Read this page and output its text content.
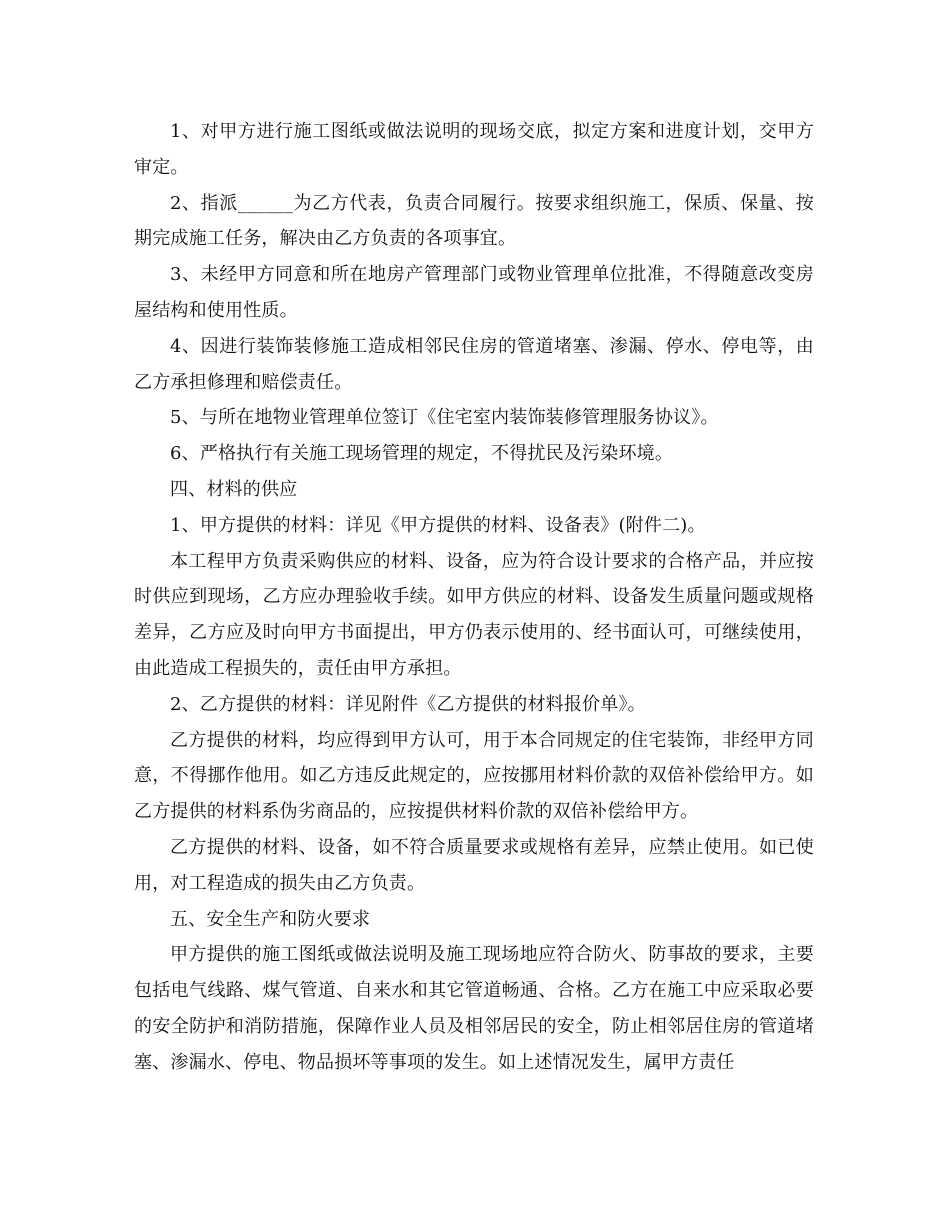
1、对甲方进行施工图纸或做法说明的现场交底，拟定方案和进度计划，交甲方审定。

2、指派______为乙方代表，负责合同履行。按要求组织施工，保质、保量、按期完成施工任务，解决由乙方负责的各项事宜。

3、未经甲方同意和所在地房产管理部门或物业管理单位批准，不得随意改变房屋结构和使用性质。

4、因进行装饰装修施工造成相邻民住房的管道堵塞、渗漏、停水、停电等，由乙方承担修理和赔偿责任。

5、与所在地物业管理单位签订《住宅室内装饰装修管理服务协议》。

6、严格执行有关施工现场管理的规定，不得扰民及污染环境。

四、材料的供应

1、甲方提供的材料：详见《甲方提供的材料、设备表》(附件二)。

本工程甲方负责采购供应的材料、设备，应为符合设计要求的合格产品，并应按时供应到现场，乙方应办理验收手续。如甲方供应的材料、设备发生质量问题或规格差异，乙方应及时向甲方书面提出，甲方仍表示使用的、经书面认可，可继续使用，由此造成工程损失的，责任由甲方承担。

2、乙方提供的材料：详见附件《乙方提供的材料报价单》。

乙方提供的材料，均应得到甲方认可，用于本合同规定的住宅装饰，非经甲方同意，不得挪作他用。如乙方违反此规定的，应按挪用材料价款的双倍补偿给甲方。如乙方提供的材料系伪劣商品的，应按提供材料价款的双倍补偿给甲方。

乙方提供的材料、设备，如不符合质量要求或规格有差异，应禁止使用。如已使用，对工程造成的损失由乙方负责。

五、安全生产和防火要求

甲方提供的施工图纸或做法说明及施工现场地应符合防火、防事故的要求，主要包括电气线路、煤气管道、自来水和其它管道畅通、合格。乙方在施工中应采取必要的安全防护和消防措施，保障作业人员及相邻居民的安全，防止相邻居住房的管道堵塞、渗漏水、停电、物品损坏等事项的发生。如上述情况发生，属甲方责任
